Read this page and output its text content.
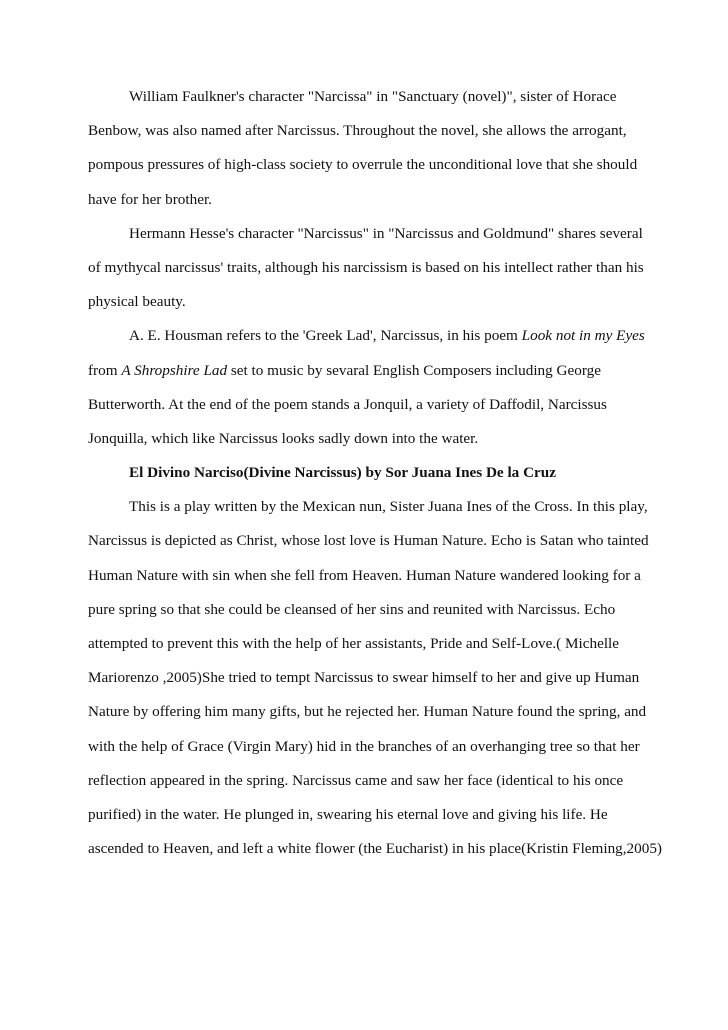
William Faulkner's character "Narcissa" in "Sanctuary (novel)", sister of Horace
Benbow, was also named after Narcissus. Throughout the novel, she allows the arrogant,
pompous pressures of high-class society to overrule the unconditional love that she should
have for her brother.
Hermann Hesse's character "Narcissus" in "Narcissus and Goldmund" shares several
of mythycal narcissus' traits, although his narcissism is based on his intellect rather than his
physical beauty.
A. E. Housman refers to the 'Greek Lad', Narcissus, in his poem Look not in my Eyes
from A Shropshire Lad set to music by sevaral English Composers including George
Butterworth. At the end of the poem stands a Jonquil, a variety of Daffodil, Narcissus
Jonquilla, which like Narcissus looks sadly down into the water.
El Divino Narciso(Divine Narcissus) by Sor Juana Ines De la Cruz
This is a play written by the Mexican nun, Sister Juana Ines of the Cross. In this play,
Narcissus is depicted as Christ, whose lost love is Human Nature. Echo is Satan who tainted
Human Nature with sin when she fell from Heaven. Human Nature wandered looking for a
pure spring so that she could be cleansed of her sins and reunited with Narcissus. Echo
attempted to prevent this with the help of her assistants, Pride and Self-Love.( Michelle
Mariorenzo ,2005)She tried to tempt Narcissus to swear himself to her and give up Human
Nature by offering him many gifts, but he rejected her. Human Nature found the spring, and
with the help of Grace (Virgin Mary) hid in the branches of an overhanging tree so that her
reflection appeared in the spring. Narcissus came and saw her face (identical to his once
purified) in the water. He plunged in, swearing his eternal love and giving his life. He
ascended to Heaven, and left a white flower (the Eucharist) in his place(Kristin Fleming,2005)
